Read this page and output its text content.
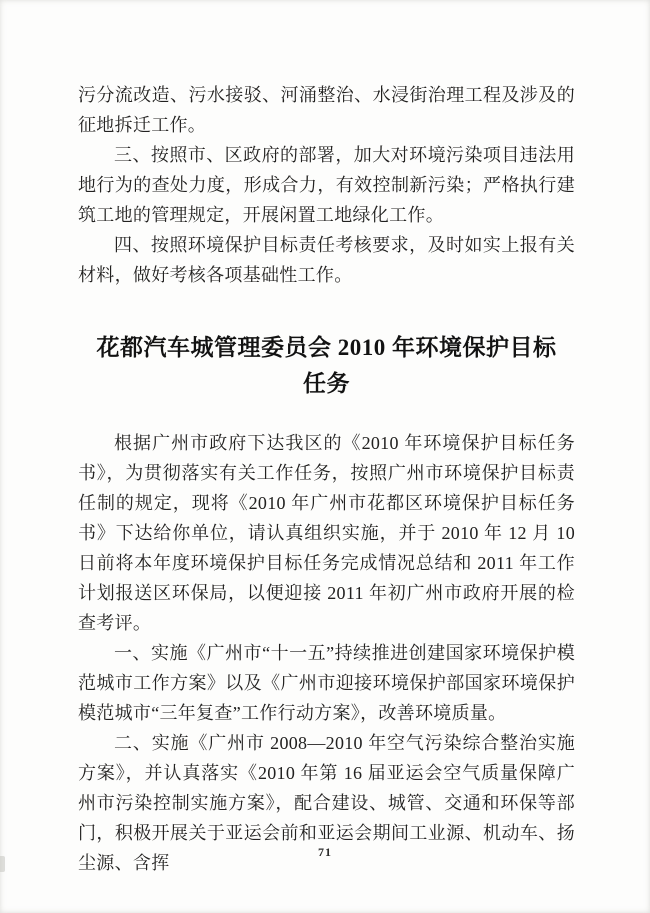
污分流改造、污水接驳、河涌整治、水浸街治理工程及涉及的征地拆迁工作。

三、按照市、区政府的部署，加大对环境污染项目违法用地行为的查处力度，形成合力，有效控制新污染；严格执行建筑工地的管理规定，开展闲置工地绿化工作。

四、按照环境保护目标责任考核要求，及时如实上报有关材料，做好考核各项基础性工作。

花都汽车城管理委员会 2010 年环境保护目标任务

根据广州市政府下达我区的《2010 年环境保护目标任务书》，为贯彻落实有关工作任务，按照广州市环境保护目标责任制的规定，现将《2010 年广州市花都区环境保护目标任务书》下达给你单位，请认真组织实施，并于 2010 年 12 月 10 日前将本年度环境保护目标任务完成情况总结和 2011 年工作计划报送区环保局，以便迎接 2011 年初广州市政府开展的检查考评。

一、实施《广州市“十一五”持续推进创建国家环境保护模范城市工作方案》以及《广州市迎接环境保护部国家环境保护模范城市“三年复查”工作行动方案》，改善环境质量。

二、实施《广州市 2008—2010 年空气污染综合整治实施方案》，并认真落实《2010 年第 16 届亚运会空气质量保障广州市污染控制实施方案》，配合建设、城管、交通和环保等部门，积极开展关于亚运会前和亚运会期间工业源、机动车、扬尘源、含挥

71
